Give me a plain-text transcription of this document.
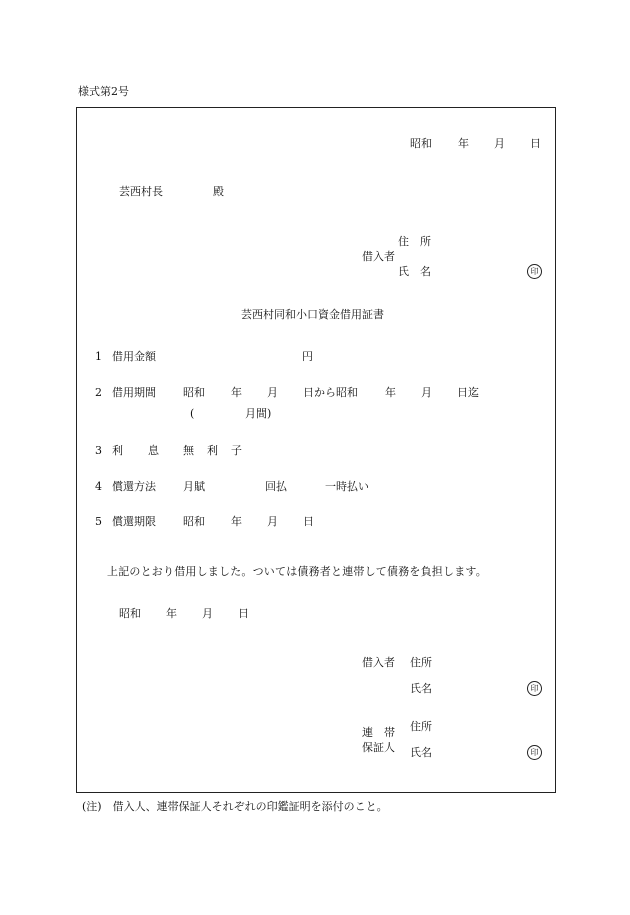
様式第2号
昭和 年 月 日
芸西村長	殿
住　所
借入者
氏　名	印
芸西村同和小口資金借用証書
1 借用金額	円
2 借用期間 昭和 年 月 日から昭和 年 月 日迄
(	月間)
3 利 息 無 利 子
4 償還方法 月賦	回払	一時払い
5 償還期限 昭和 年 月 日
上記のとおり借用しました。ついては債務者と連帯して債務を負担します。
昭和 年 月 日
借入者 住所
氏名	印
連　帯
保証人
住所
氏名	印
(注)　借入人、連帯保証人それぞれの印鑑証明を添付のこと。
